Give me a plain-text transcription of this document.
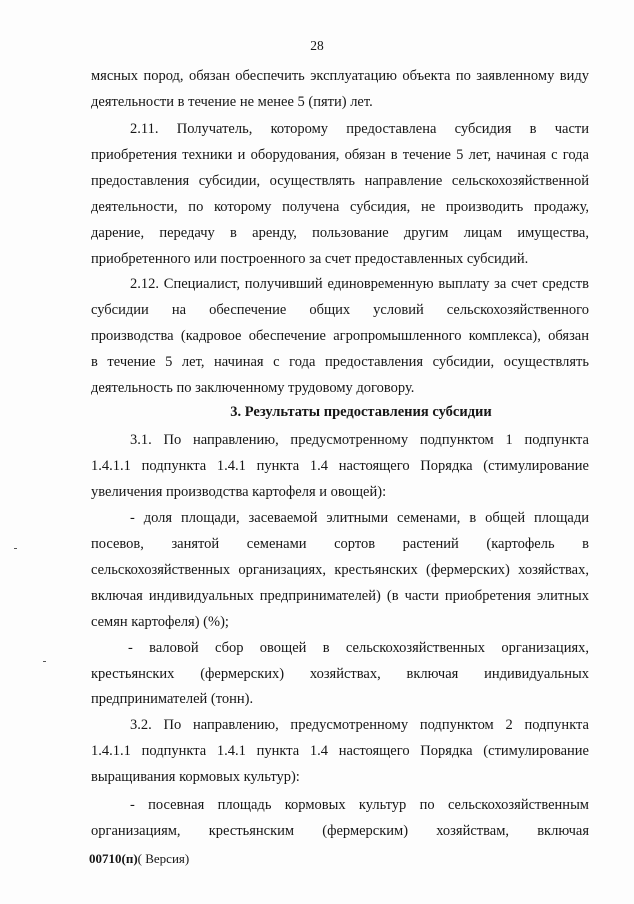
28
мясных пород, обязан обеспечить эксплуатацию объекта по заявленному виду
деятельности в течение не менее 5 (пяти) лет.
2.11. Получатель, которому предоставлена субсидия в части
приобретения техники и оборудования, обязан в течение 5 лет, начиная с года
предоставления субсидии, осуществлять направление сельскохозяйственной
деятельности, по которому получена субсидия, не производить продажу,
дарение, передачу в аренду, пользование другим лицам имущества,
приобретенного или построенного за счет предоставленных субсидий.
2.12. Специалист, получивший единовременную выплату за счет средств
субсидии на обеспечение общих условий сельскохозяйственного
производства (кадровое обеспечение агропромышленного комплекса), обязан
в течение 5 лет, начиная с года предоставления субсидии, осуществлять
деятельность по заключенному трудовому договору.
3. Результаты предоставления субсидии
3.1. По направлению, предусмотренному подпунктом 1 подпункта
1.4.1.1 подпункта 1.4.1 пункта 1.4 настоящего Порядка (стимулирование
увеличения производства картофеля и овощей):
- доля площади, засеваемой элитными семенами, в общей площади
посевов, занятой семенами сортов растений (картофель в
сельскохозяйственных организациях, крестьянских (фермерских) хозяйствах,
включая индивидуальных предпринимателей) (в части приобретения элитных
семян картофеля) (%);
- валовой сбор овощей в сельскохозяйственных организациях,
крестьянских (фермерских) хозяйствах, включая индивидуальных
предпринимателей (тонн).
3.2. По направлению, предусмотренному подпунктом 2 подпункта
1.4.1.1 подпункта 1.4.1 пункта 1.4 настоящего Порядка (стимулирование
выращивания кормовых культур):
- посевная площадь кормовых культур по сельскохозяйственным
организациям, крестьянским (фермерским) хозяйствам, включая
00710(п)( Версия)
